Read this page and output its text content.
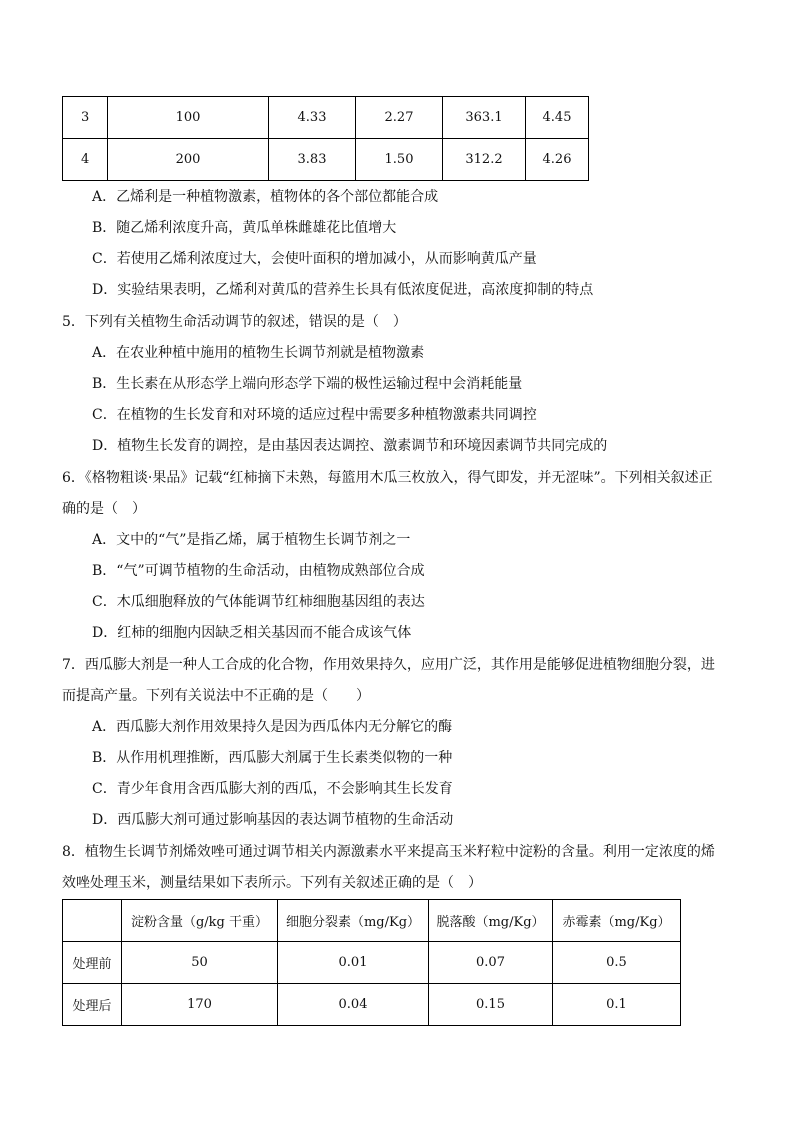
3	100	4.33	2.27	363.1	4.45
4	200	3.83	1.50	312.2	4.26
A．乙烯利是一种植物激素，植物体的各个部位都能合成
B．随乙烯利浓度升高，黄瓜单株雌雄花比值增大
C．若使用乙烯利浓度过大，会使叶面积的增加减小，从而影响黄瓜产量
D．实验结果表明，乙烯利对黄瓜的营养生长具有低浓度促进，高浓度抑制的特点
5．下列有关植物生命活动调节的叙述，错误的是（　）
A．在农业种植中施用的植物生长调节剂就是植物激素
B．生长素在从形态学上端向形态学下端的极性运输过程中会消耗能量
C．在植物的生长发育和对环境的适应过程中需要多种植物激素共同调控
D．植物生长发育的调控，是由基因表达调控、激素调节和环境因素调节共同完成的
6．《格物粗谈·果品》记载“红柿摘下未熟，每篮用木瓜三枚放入，得气即发，并无涩味”。下列相关叙述正
确的是（　）
A．文中的“气”是指乙烯，属于植物生长调节剂之一
B．“气”可调节植物的生命活动，由植物成熟部位合成
C．木瓜细胞释放的气体能调节红柿细胞基因组的表达
D．红柿的细胞内因缺乏相关基因而不能合成该气体
7．西瓜膨大剂是一种人工合成的化合物，作用效果持久，应用广泛，其作用是能够促进植物细胞分裂，进
而提高产量。下列有关说法中不正确的是（　　）
A．西瓜膨大剂作用效果持久是因为西瓜体内无分解它的酶
B．从作用机理推断，西瓜膨大剂属于生长素类似物的一种
C．青少年食用含西瓜膨大剂的西瓜，不会影响其生长发育
D．西瓜膨大剂可通过影响基因的表达调节植物的生命活动
8．植物生长调节剂烯效唑可通过调节相关内源激素水平来提高玉米籽粒中淀粉的含量。利用一定浓度的烯
效唑处理玉米，测量结果如下表所示。下列有关叙述正确的是（　）
	淀粉含量（g/kg 干重）	细胞分裂素（mg/Kg）	脱落酸（mg/Kg）	赤霉素（mg/Kg）
处理前	50	0.01	0.07	0.5
处理后	170	0.04	0.15	0.1
